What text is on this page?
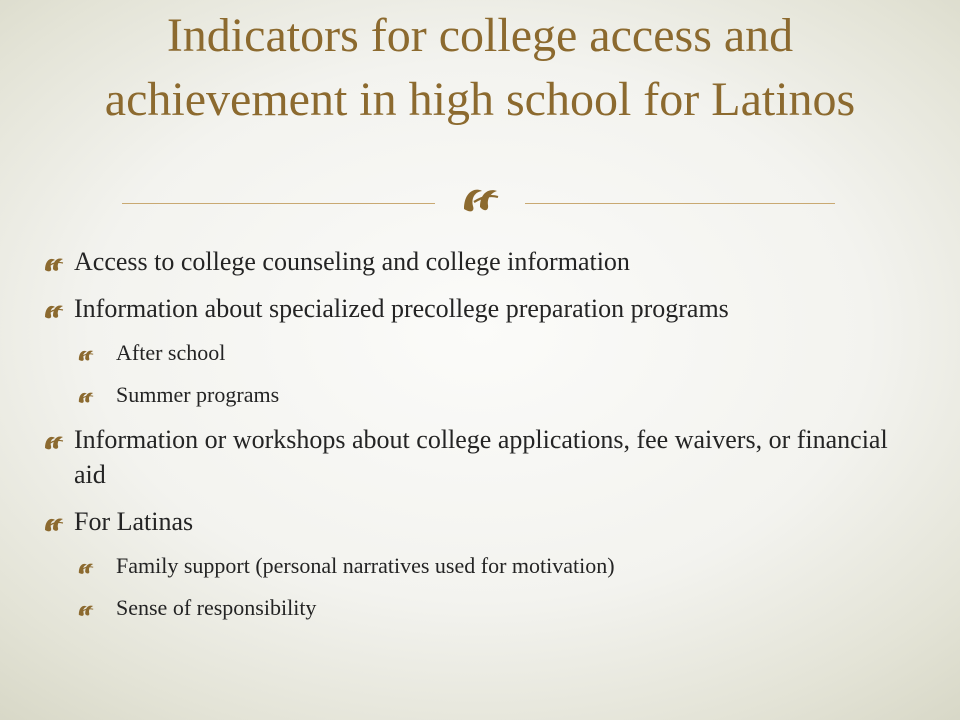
Indicators for college access and achievement in high school for Latinos
Access to college counseling and college information
Information about specialized precollege preparation programs
After school
Summer programs
Information or workshops about college applications, fee waivers, or financial aid
For Latinas
Family support (personal narratives used for motivation)
Sense of responsibility
